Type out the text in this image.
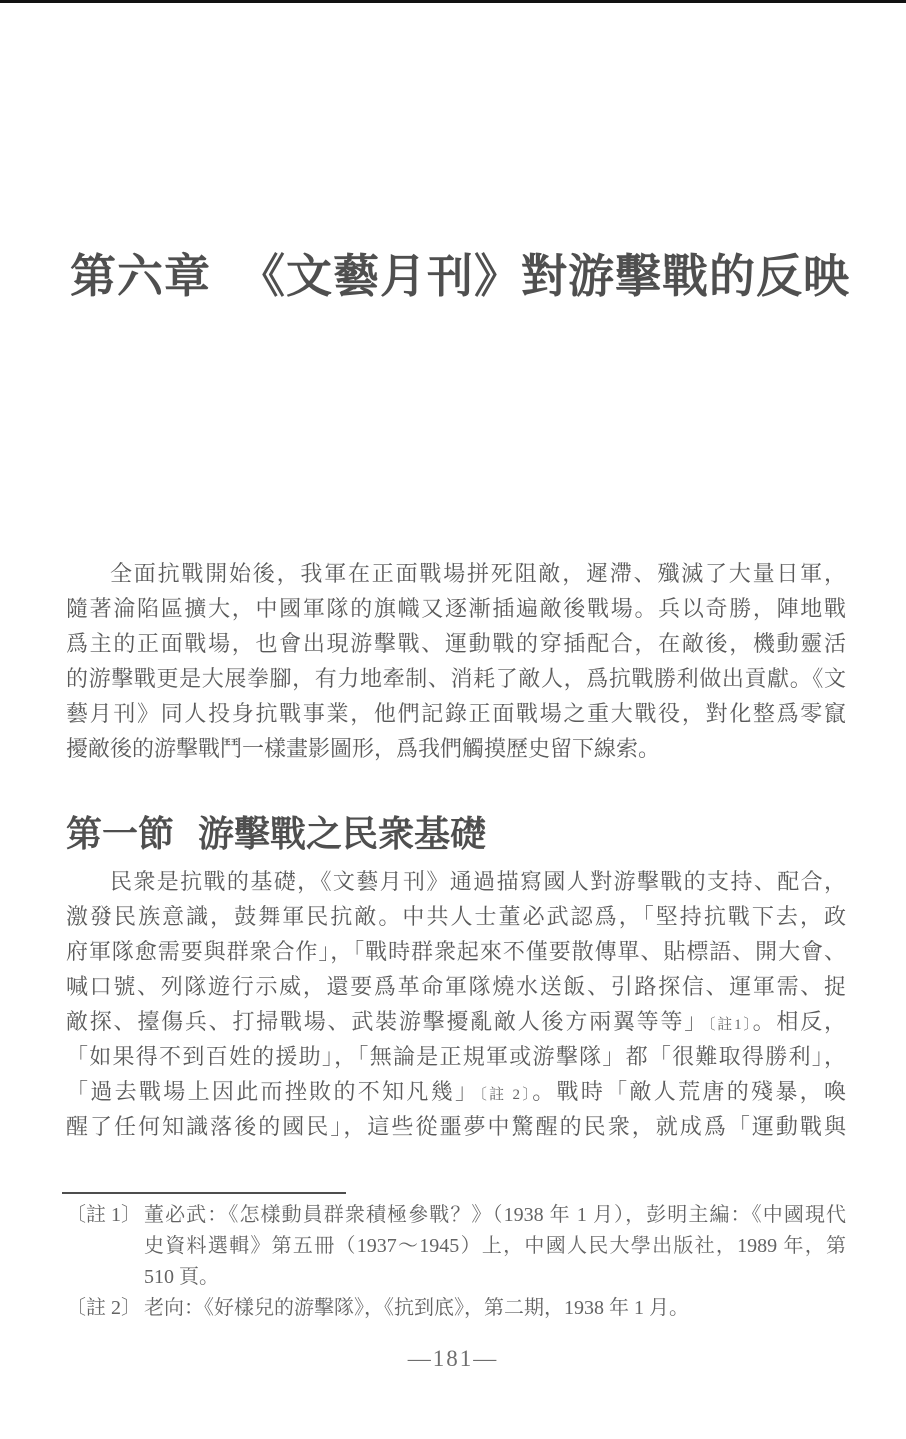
第六章 《文藝月刊》對游擊戰的反映
全面抗戰開始後，我軍在正面戰場拼死阻敵，遲滯、殲滅了大量日軍，
隨著淪陷區擴大，中國軍隊的旗幟又逐漸插遍敵後戰場。兵以奇勝，陣地戰
爲主的正面戰場，也會出現游擊戰、運動戰的穿插配合，在敵後，機動靈活
的游擊戰更是大展拳腳，有力地牽制、消耗了敵人，爲抗戰勝利做出貢獻。《文
藝月刊》同人投身抗戰事業，他們記錄正面戰場之重大戰役，對化整爲零竄
擾敵後的游擊戰鬥一樣畫影圖形，爲我們觸摸歷史留下線索。
第一節 游擊戰之民衆基礎
民衆是抗戰的基礎，《文藝月刊》通過描寫國人對游擊戰的支持、配合，
激發民族意識，鼓舞軍民抗敵。中共人士董必武認爲，「堅持抗戰下去，政
府軍隊愈需要與群衆合作」，「戰時群衆起來不僅要散傳單、貼標語、開大會、
喊口號、列隊遊行示威，還要爲革命軍隊燒水送飯、引路探信、運軍需、捉
敵探、擡傷兵、打掃戰場、武裝游擊擾亂敵人後方兩翼等等」〔註1〕。相反，
「如果得不到百姓的援助」，「無論是正規軍或游擊隊」都「很難取得勝利」，
「過去戰場上因此而挫敗的不知凡幾」〔註 2〕。戰時「敵人荒唐的殘暴，喚
醒了任何知識落後的國民」，這些從噩夢中驚醒的民衆，就成爲「運動戰與
〔註 1〕 董必武：《怎樣動員群衆積極參戰？》（1938 年 1 月），彭明主編：《中國現代
史資料選輯》第五冊（1937～1945）上，中國人民大學出版社，1989 年，第
510 頁。
〔註 2〕 老向：《好樣兒的游擊隊》，《抗到底》，第二期，1938 年 1 月。
—181—
